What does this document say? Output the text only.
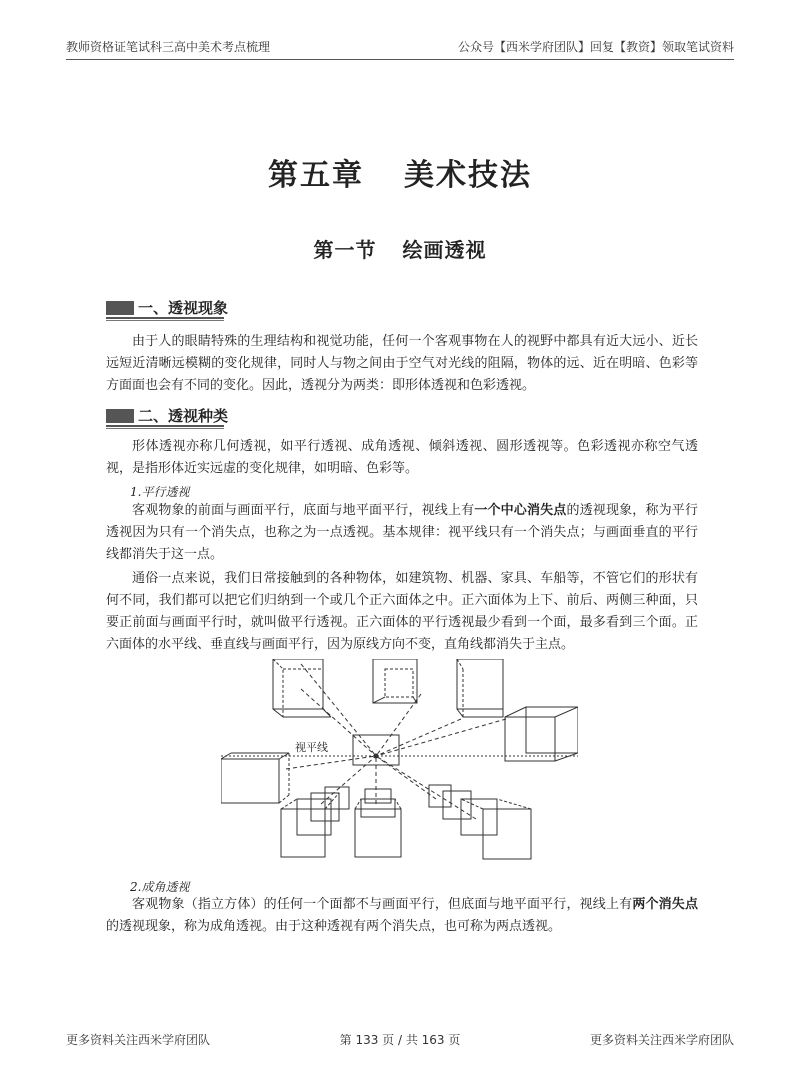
教师资格证笔试科三高中美术考点梳理	公众号【西米学府团队】回复【教资】领取笔试资料
第五章 美术技法
第一节 绘画透视
一、透视现象
由于人的眼睛特殊的生理结构和视觉功能，任何一个客观事物在人的视野中都具有近大远小、近长远短近清晰远模糊的变化规律，同时人与物之间由于空气对光线的阻隔，物体的远、近在明暗、色彩等方面面也会有不同的变化。因此，透视分为两类：即形体透视和色彩透视。
二、透视种类
形体透视亦称几何透视，如平行透视、成角透视、倾斜透视、圆形透视等。色彩透视亦称空气透视，是指形体近实远虚的变化规律，如明暗、色彩等。
1.平行透视
客观物象的前面与画面平行，底面与地平面平行，视线上有一个中心消失点的透视现象，称为平行透视因为只有一个消失点，也称之为一点透视。基本规律：视平线只有一个消失点；与画面垂直的平行线都消失于这一点。
通俗一点来说，我们日常接触到的各种物体，如建筑物、机器、家具、车船等，不管它们的形状有何不同，我们都可以把它们归纳到一个或几个正六面体之中。正六面体为上下、前后、两侧三种面，只要正前面与画面平行时，就叫做平行透视。正六面体的平行透视最少看到一个面，最多看到三个面。正六面体的水平线、垂直线与画面平行，因为原线方向不变，直角线都消失于主点。
视平线
2.成角透视
客观物象（指立方体）的任何一个面都不与画面平行，但底面与地平面平行，视线上有两个消失点的透视现象，称为成角透视。由于这种透视有两个消失点，也可称为两点透视。
更多资料关注西米学府团队	第 133 页 / 共 163 页	更多资料关注西米学府团队
